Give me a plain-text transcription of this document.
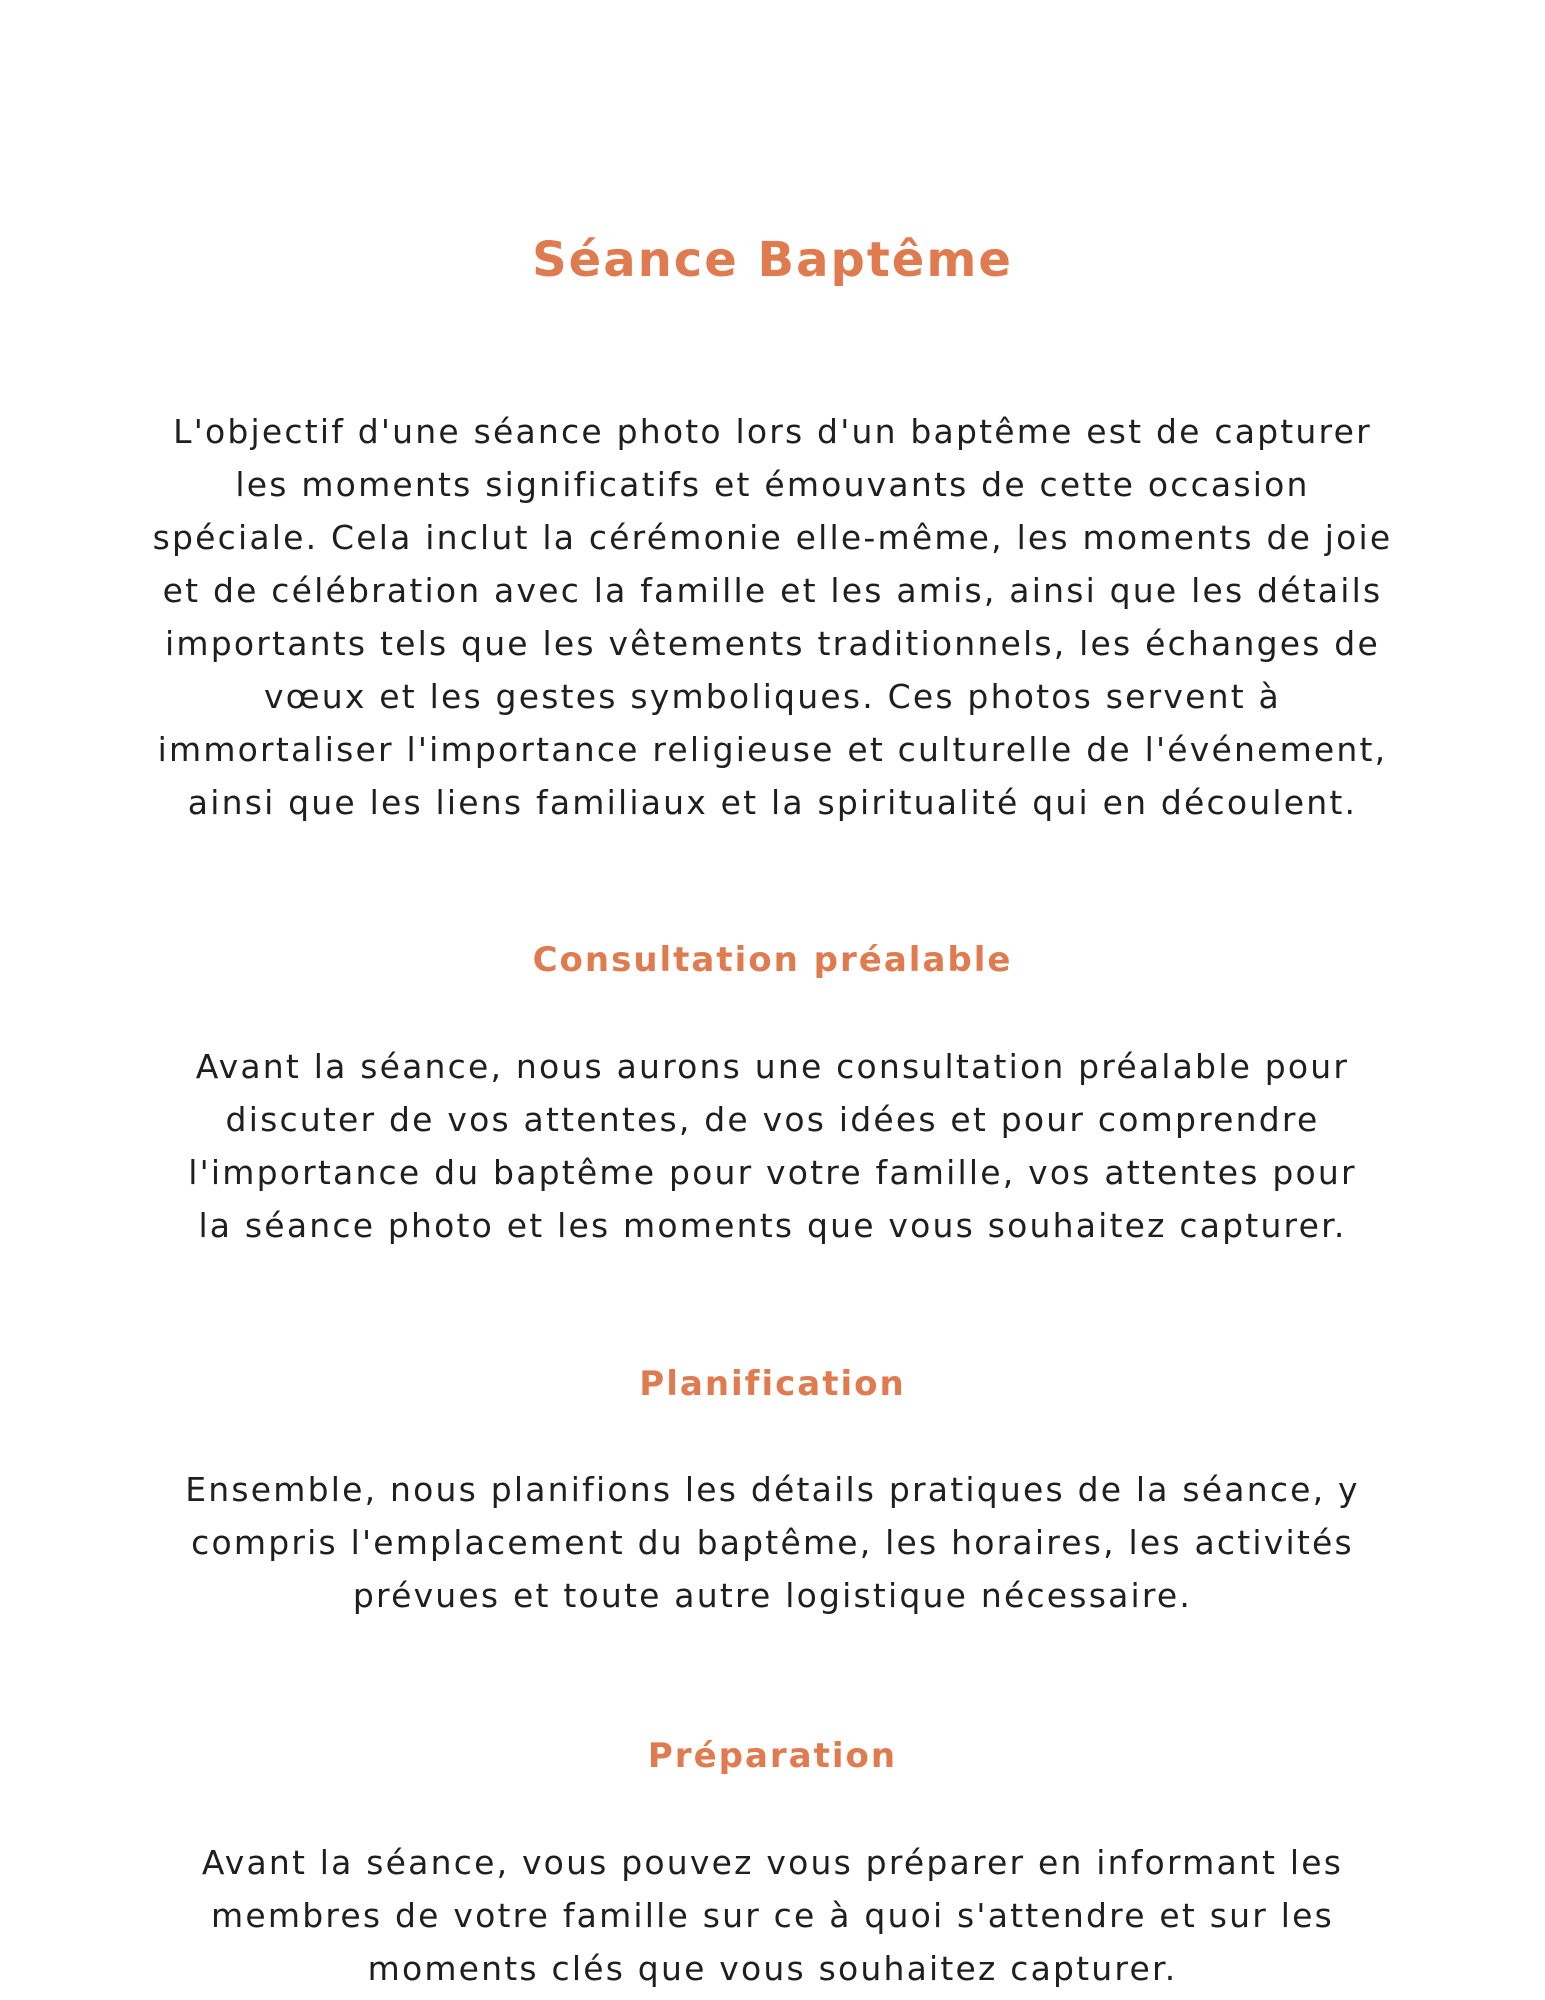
Séance Baptême

L'objectif d'une séance photo lors d'un baptême est de capturer les moments significatifs et émouvants de cette occasion spéciale. Cela inclut la cérémonie elle-même, les moments de joie et de célébration avec la famille et les amis, ainsi que les détails importants tels que les vêtements traditionnels, les échanges de vœux et les gestes symboliques. Ces photos servent à immortaliser l'importance religieuse et culturelle de l'événement, ainsi que les liens familiaux et la spiritualité qui en découlent.

Consultation préalable

Avant la séance, nous aurons une consultation préalable pour discuter de vos attentes, de vos idées et pour comprendre l'importance du baptême pour votre famille, vos attentes pour la séance photo et les moments que vous souhaitez capturer.

Planification

Ensemble, nous planifions les détails pratiques de la séance, y compris l'emplacement du baptême, les horaires, les activités prévues et toute autre logistique nécessaire.

Préparation

Avant la séance, vous pouvez vous préparer en informant les membres de votre famille sur ce à quoi s'attendre et sur les moments clés que vous souhaitez capturer.
